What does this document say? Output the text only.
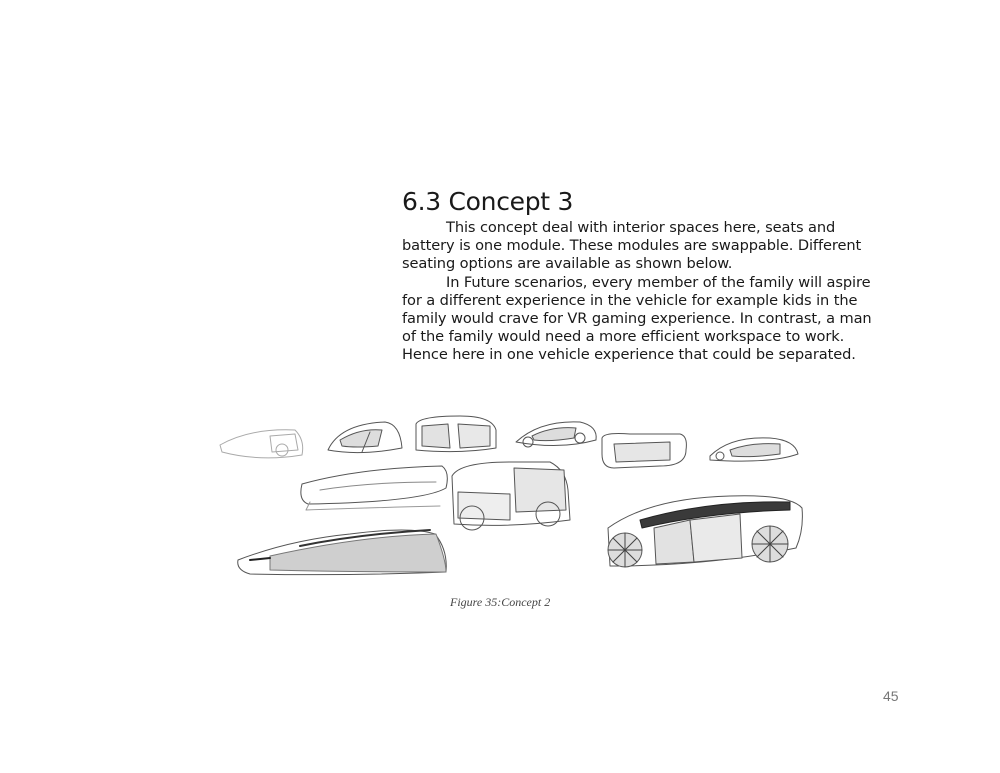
6.3 Concept 3

This concept deal with interior spaces here, seats and battery is one module. These modules are swappable. Different seating options are available as shown below.

In Future scenarios, every member of the family will aspire for a different experience in the vehicle for example kids in the family would crave for VR gaming experience. In contrast, a man of the family would need a more efficient workspace to work. Hence here in one vehicle experience that could be separated.

Figure 35:Concept 2
45
